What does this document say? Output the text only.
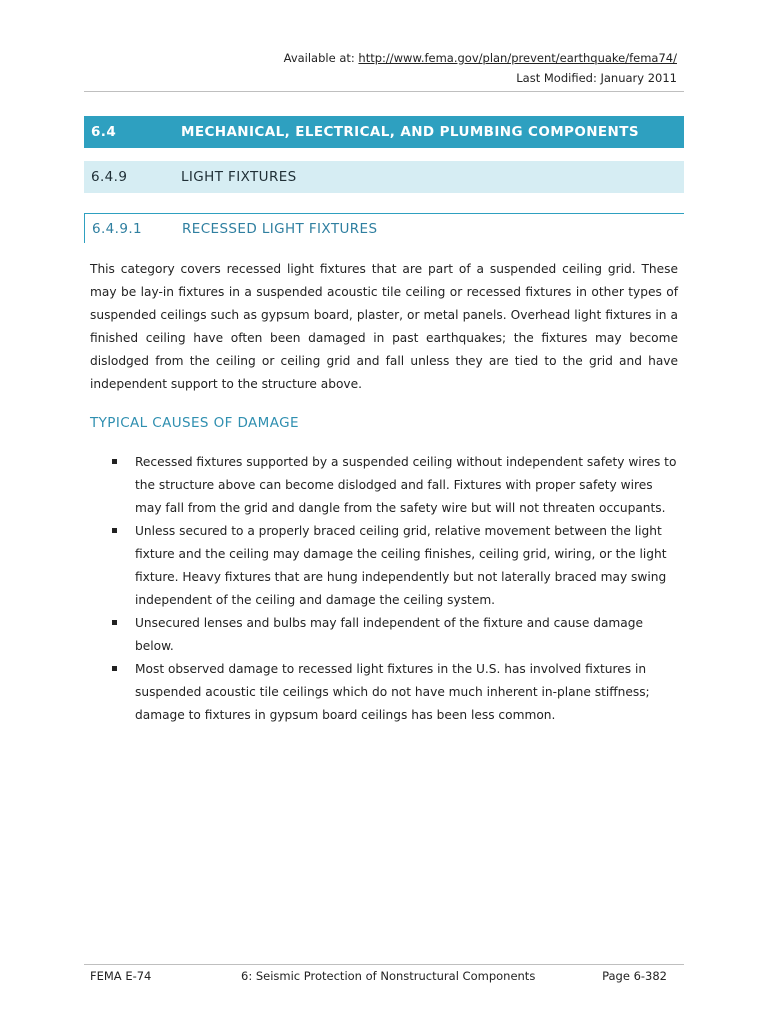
Available at: http://www.fema.gov/plan/prevent/earthquake/fema74/
Last Modified: January 2011
6.4	MECHANICAL, ELECTRICAL, AND PLUMBING COMPONENTS
6.4.9	LIGHT FIXTURES
6.4.9.1	RECESSED LIGHT FIXTURES

This category covers recessed light fixtures that are part of a suspended ceiling grid. These may be lay-in fixtures in a suspended acoustic tile ceiling or recessed fixtures in other types of suspended ceilings such as gypsum board, plaster, or metal panels. Overhead light fixtures in a finished ceiling have often been damaged in past earthquakes; the fixtures may become dislodged from the ceiling or ceiling grid and fall unless they are tied to the grid and have independent support to the structure above.

TYPICAL CAUSES OF DAMAGE
Recessed fixtures supported by a suspended ceiling without independent safety wires to the structure above can become dislodged and fall. Fixtures with proper safety wires may fall from the grid and dangle from the safety wire but will not threaten occupants.
Unless secured to a properly braced ceiling grid, relative movement between the light fixture and the ceiling may damage the ceiling finishes, ceiling grid, wiring, or the light fixture. Heavy fixtures that are hung independently but not laterally braced may swing independent of the ceiling and damage the ceiling system.
Unsecured lenses and bulbs may fall independent of the fixture and cause damage below.
Most observed damage to recessed light fixtures in the U.S. has involved fixtures in suspended acoustic tile ceilings which do not have much inherent in-plane stiffness; damage to fixtures in gypsum board ceilings has been less common.
FEMA E-74	6: Seismic Protection of Nonstructural Components	Page 6-382
